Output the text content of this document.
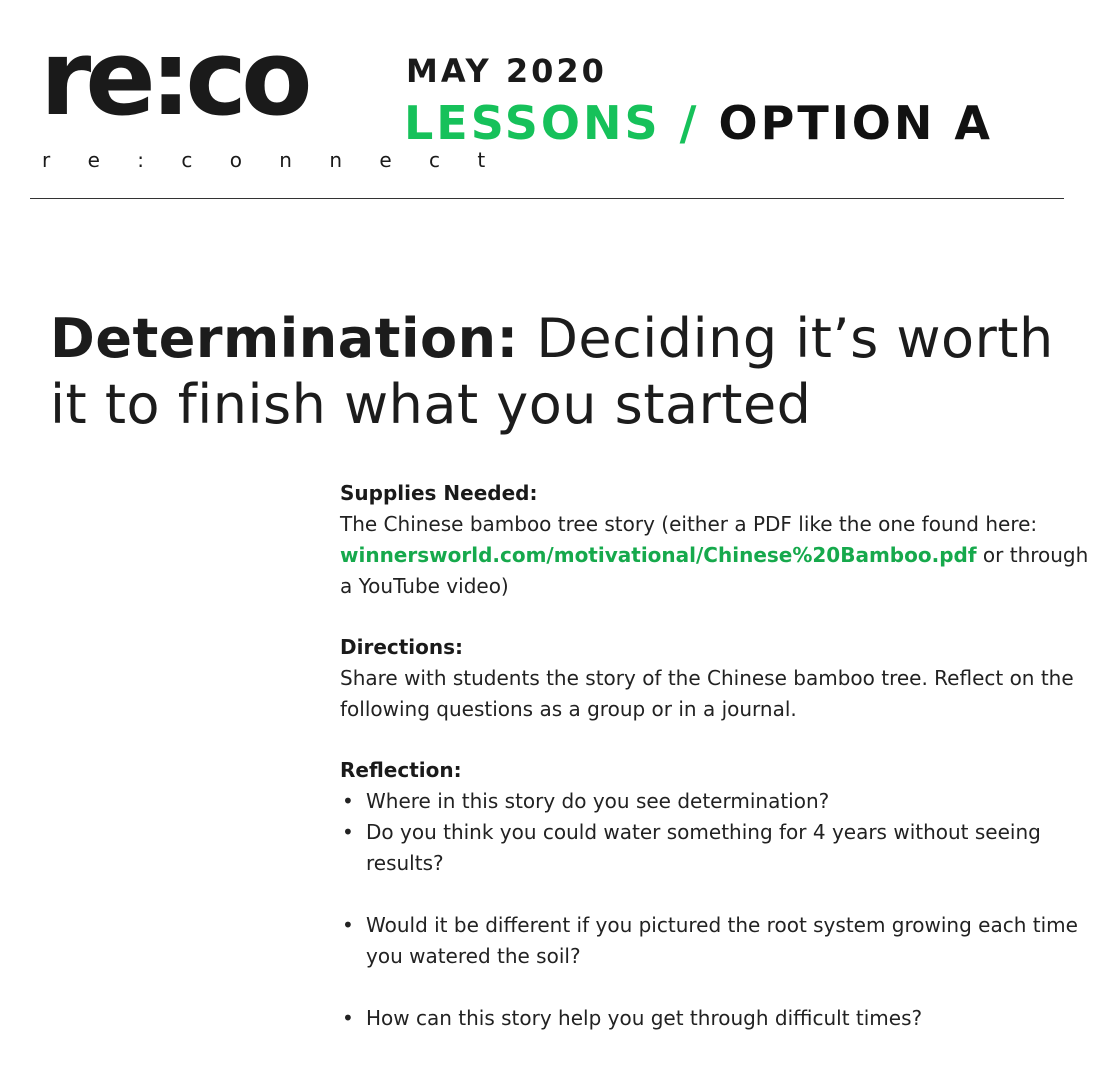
re:co
r e : c o n n e c t
MAY 2020
LESSONS / OPTION A
Determination: Deciding it’s worth it to finish what you started
Supplies Needed:

The Chinese bamboo tree story (either a PDF like the one found here: winnersworld.com/motivational/Chinese%20Bamboo.pdf or through a YouTube video)

Directions:

Share with students the story of the Chinese bamboo tree. Reflect on the following questions as a group or in a journal.

Reflection:
• Where in this story do you see determination?
• Do you think you could water something for 4 years without seeing results?
• Would it be different if you pictured the root system growing each time you watered the soil?
• How can this story help you get through difficult times?
